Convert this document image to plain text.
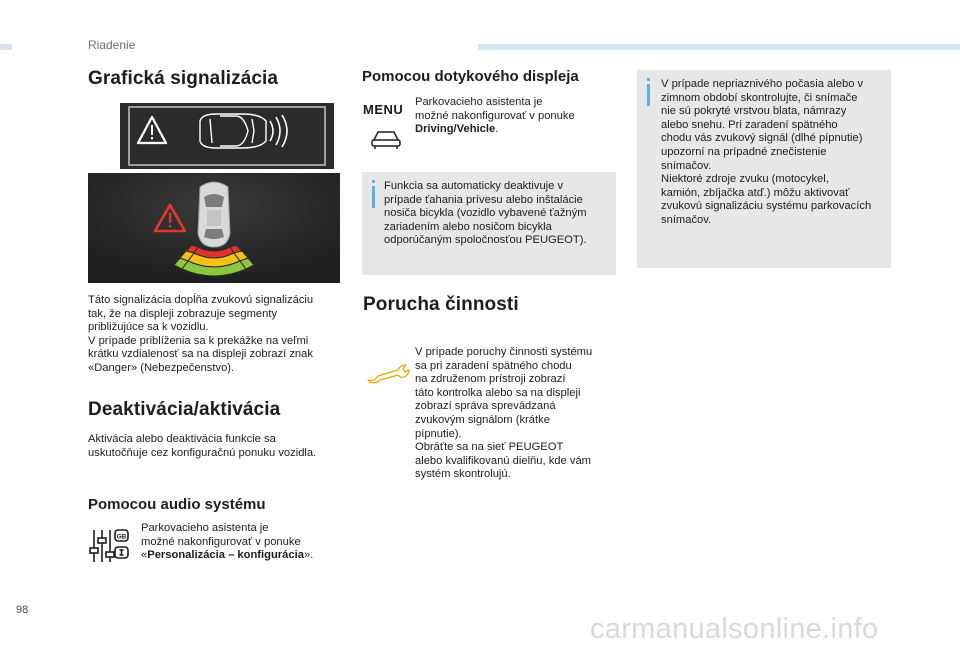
Riadenie
Grafická signalizácia

Táto signalizácia dopĺňa zvukovú signalizáciu
tak, že na displeji zobrazuje segmenty
približujúce sa k vozidlu.
V prípade priblíženia sa k prekážke na veľmi
krátku vzdialenosť sa na displeji zobrazí znak
«Danger» (Nebezpečenstvo).

Deaktivácia/aktivácia

Aktivácia alebo deaktivácia funkcie sa
uskutočňuje cez konfiguračnú ponuku vozidla.

Pomocou audio systému
GB

Parkovacieho asistenta je
možné nakonfigurovať v ponuke
«Personalizácia – konfigurácia».

Pomocou dotykového displeja
MENU Parkovacieho asistenta je
možné nakonfigurovať v ponuke
Driving/Vehicle.

Funkcia sa automaticky deaktivuje v
prípade ťahania prívesu alebo inštalácie
nosiča bicykla (vozidlo vybavené ťažným
zariadením alebo nosičom bicykla
odporúčaným spoločnosťou PEUGEOT).

Porucha činnosti

V prípade poruchy činnosti systému
sa pri zaradení spätného chodu
na združenom prístroji zobrazí
táto kontrolka alebo sa na displeji
zobrazí správa sprevádzaná
zvukovým signálom (krátke
pípnutie).
Obráťte sa na sieť PEUGEOT
alebo kvalifikovanú dielňu, kde vám
systém skontrolujú.

V prípade nepriaznivého počasia alebo v
zimnom období skontrolujte, či snímače
nie sú pokryté vrstvou blata, námrazy
alebo snehu. Pri zaradení spätného
chodu vás zvukový signál (dlhé pípnutie)
upozorní na prípadné znečistenie
snímačov.
Niektoré zdroje zvuku (motocykel,
kamión, zbíjačka atď.) môžu aktivovať
zvukovú signalizáciu systému parkovacích
snímačov.

98
carmanualsonline.info
